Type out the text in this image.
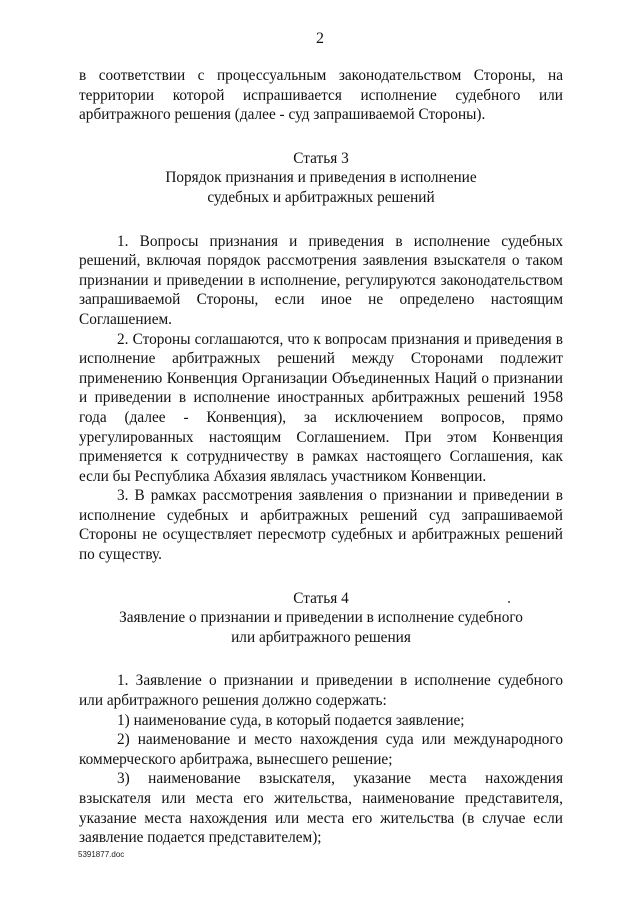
2

в соответствии с процессуальным законодательством Стороны, на территории которой испрашивается исполнение судебного или арбитражного решения (далее - суд запрашиваемой Стороны).

Статья 3

Порядок признания и приведения в исполнение

судебных и арбитражных решений

1. Вопросы признания и приведения в исполнение судебных решений, включая порядок рассмотрения заявления взыскателя о таком признании и приведении в исполнение, регулируются законодательством запрашиваемой Стороны, если иное не определено настоящим Соглашением.

2. Стороны соглашаются, что к вопросам признания и приведения в исполнение арбитражных решений между Сторонами подлежит применению Конвенция Организации Объединенных Наций о признании и приведении в исполнение иностранных арбитражных решений 1958 года (далее - Конвенция), за исключением вопросов, прямо урегулированных настоящим Соглашением. При этом Конвенция применяется к сотрудничеству в рамках настоящего Соглашения, как если бы Республика Абхазия являлась участником Конвенции.

3. В рамках рассмотрения заявления о признании и приведении в исполнение судебных и арбитражных решений суд запрашиваемой Стороны не осуществляет пересмотр судебных и арбитражных решений по существу.

Статья 4

Заявление о признании и приведении в исполнение судебного

или арбитражного решения

1. Заявление о признании и приведении в исполнение судебного или арбитражного решения должно содержать:

1) наименование суда, в который подается заявление;

2) наименование и место нахождения суда или международного коммерческого арбитража, вынесшего решение;

3) наименование взыскателя, указание места нахождения взыскателя или места его жительства, наименование представителя, указание места нахождения или места его жительства (в случае если заявление подается представителем);

5391877.doc
